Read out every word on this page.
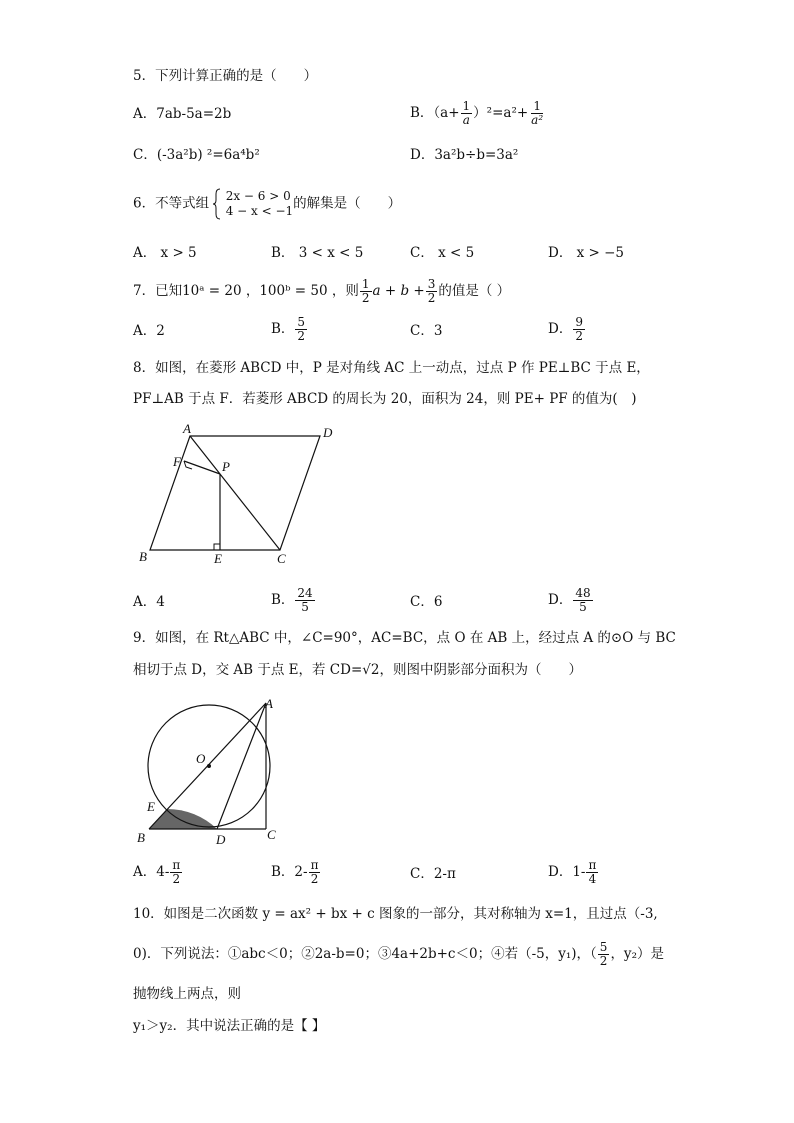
5．下列计算正确的是（　　）
A．7ab-5a=2b	B．$(a+ \frac{1}{a} )^2=a^2+ \frac{1}{\text{a²}}$
C．(-3a²b) ²=6a⁴b²	D．3a²b÷b=3a²
6．不等式组 2x − 6 > 0
4 − x < −1 的解集是（　　）
A． x > 5	B． 3 < x < 5	C． x < 5	D． x > −5
7．已知10ᵃ = 20 ，100ᵇ = 50 ，则 $\frac{1}{2}$ $a + b + \frac{3}{2}$ 的值是（ ）
A．2	B． $\frac{5}{2}$	C．3	D． $\frac{9}{2}$
8．如图，在菱形 ABCD 中，P 是对角线 AC 上一动点，过点 P 作 PE⊥BC 于点 E，
PF⊥AB 于点 F．若菱形 ABCD 的周长为 20，面积为 24，则 PE+ PF 的值为(　)
A	D
F	P
B	E	C
A．4	B． $\frac{24}{5}$	C．6	D． $\frac{48}{5}$
9．如图，在 Rt△ABC 中，∠C=90°，AC=BC，点 O 在 AB 上，经过点 A 的⊙O 与 BC
相切于点 D，交 AB 于点 E，若 CD=√2，则图中阴影部分面积为（　　）
A
O
E
B	D	C
A．$4- \frac{\pi}{2}$	B．$2- \frac{\pi}{2}$	C．2-π	D．$1- \frac{\pi}{4}$
10．如图是二次函数 y = ax² + bx + c 图象的一部分，其对称轴为 x=1，且过点（-3,
0)．下列说法：①abc＜0；②2a-b=0；③4a+2b+c＜0；④若（-5，y₁)，（ $\frac{5}{2}$ ，y₂）是
抛物线上两点，则
y₁＞y₂．其中说法正确的是【 】
